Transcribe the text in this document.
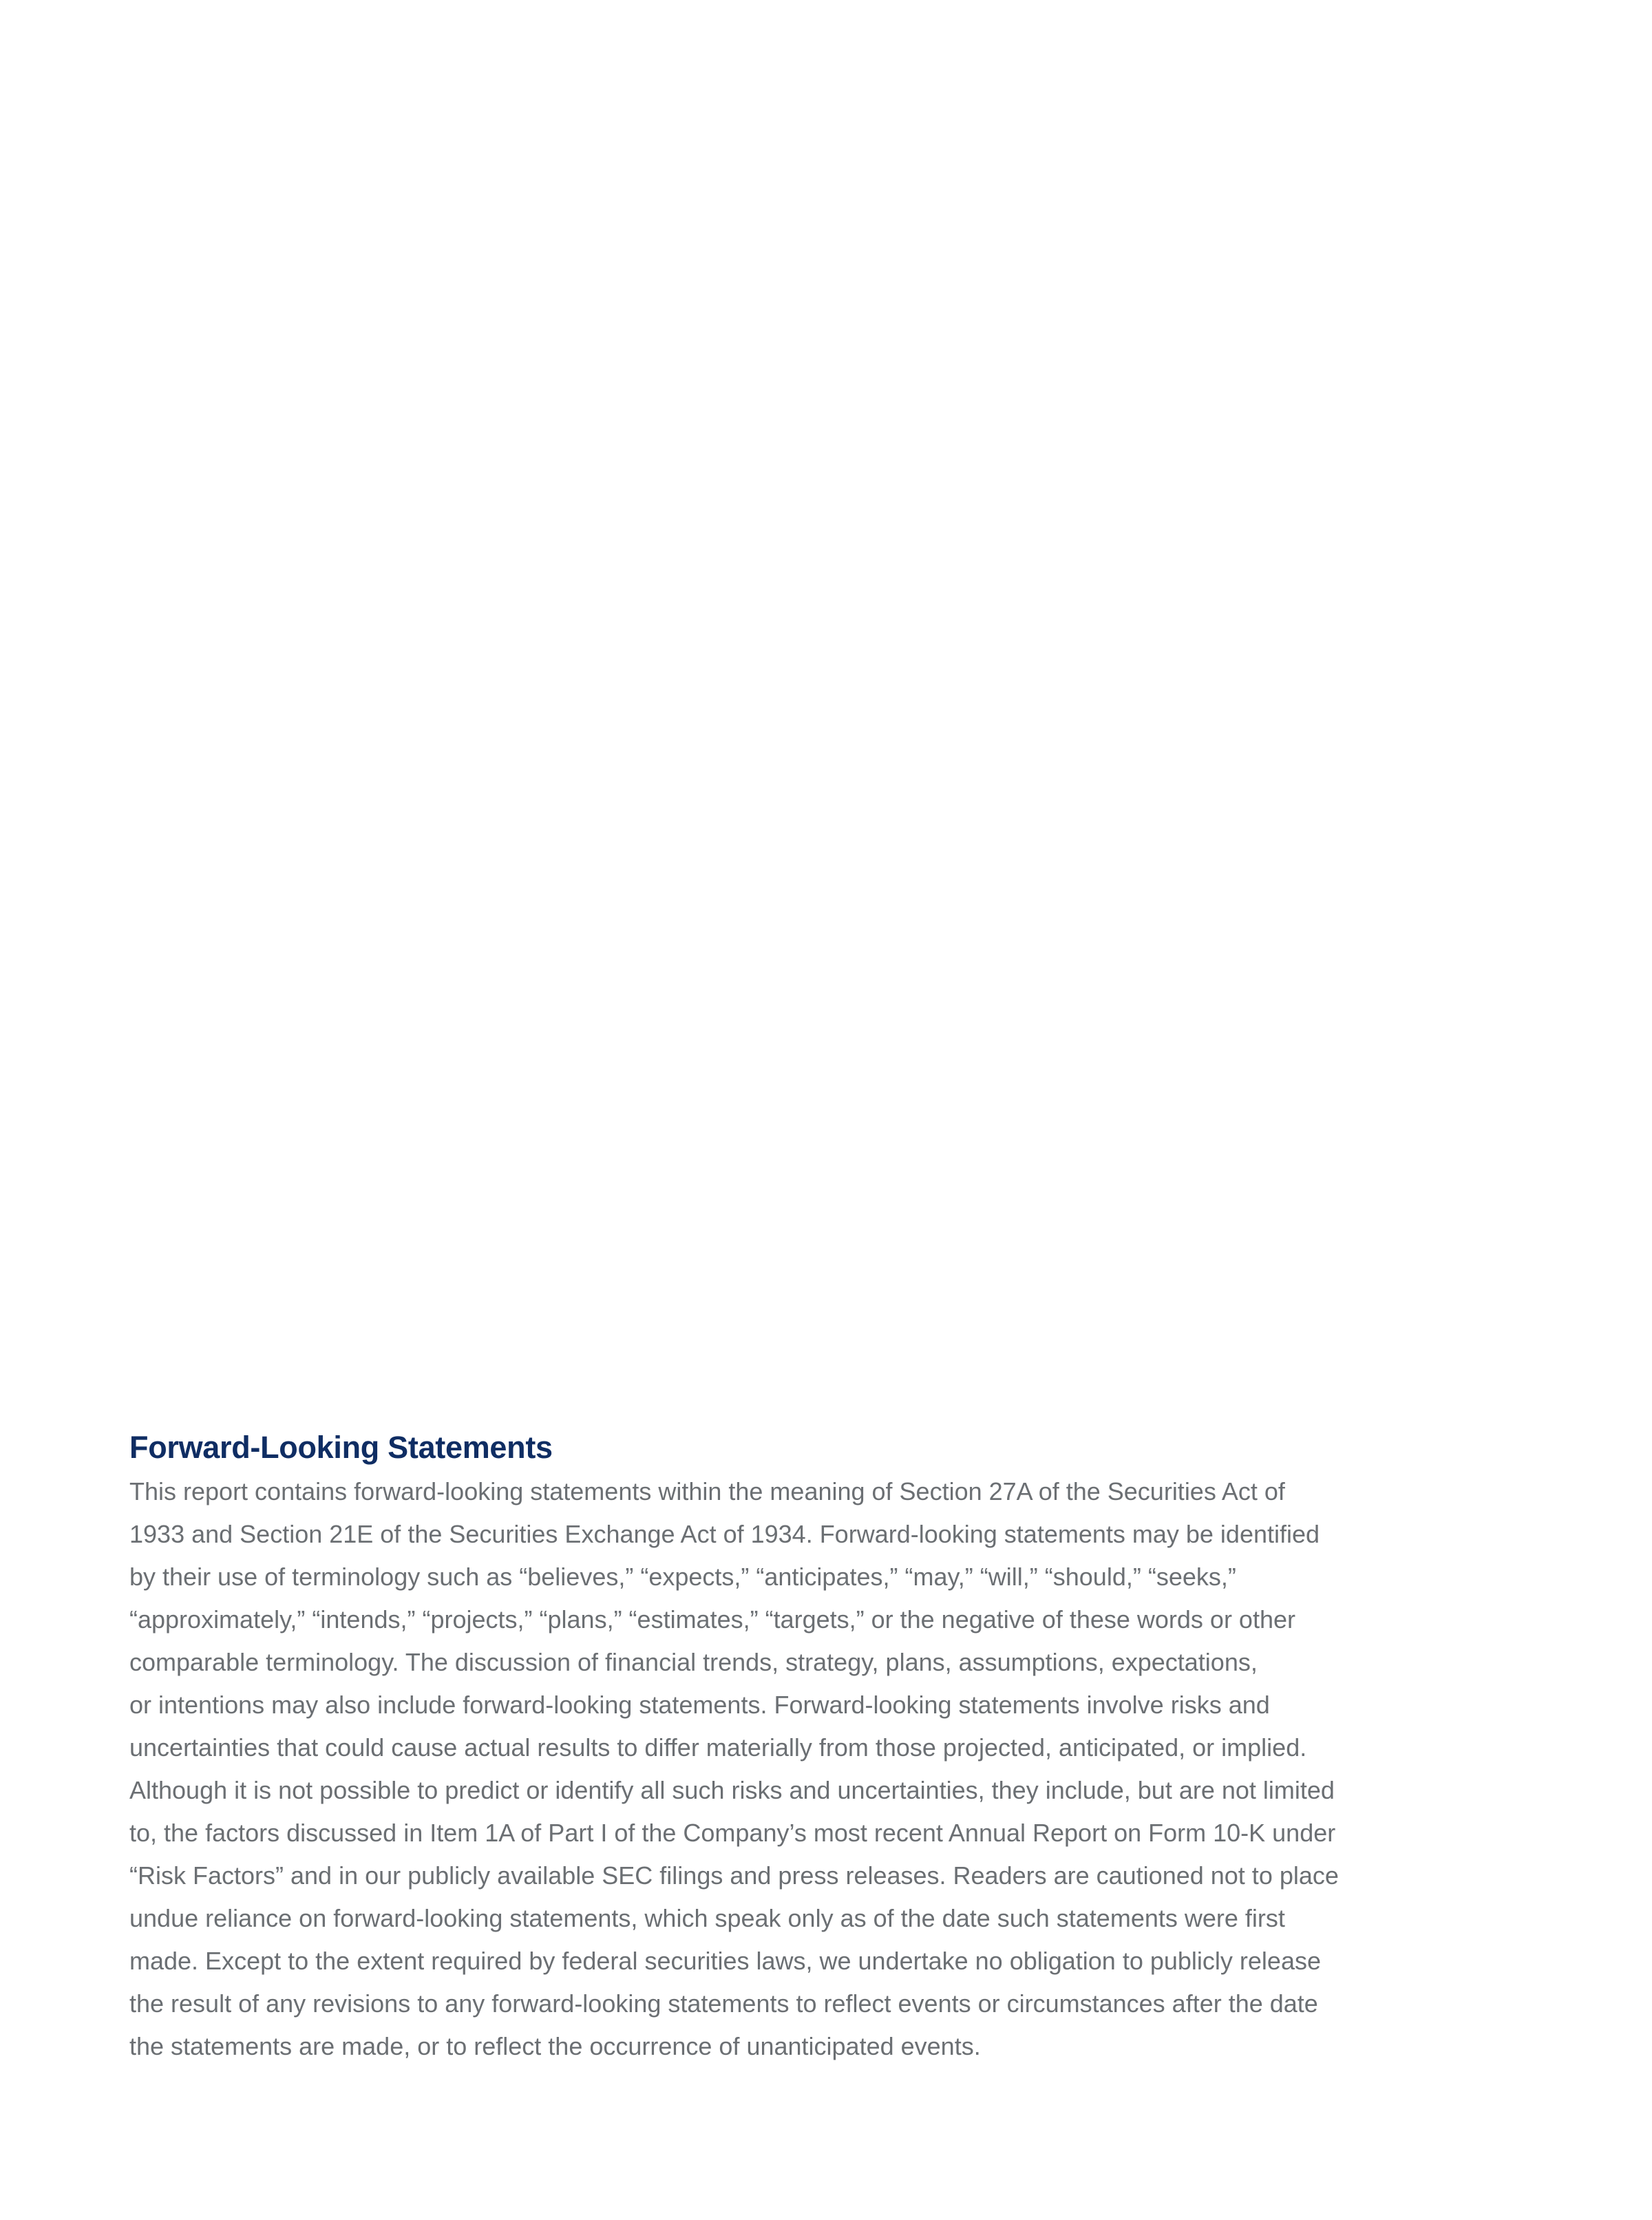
Forward-Looking Statements
This report contains forward-looking statements within the meaning of Section 27A of the Securities Act of
1933 and Section 21E of the Securities Exchange Act of 1934. Forward-looking statements may be identified
by their use of terminology such as “believes,” “expects,” “anticipates,” “may,” “will,” “should,” “seeks,”
“approximately,” “intends,” “projects,” “plans,” “estimates,” “targets,” or the negative of these words or other
comparable terminology. The discussion of financial trends, strategy, plans, assumptions, expectations,
or intentions may also include forward-looking statements. Forward-looking statements involve risks and
uncertainties that could cause actual results to differ materially from those projected, anticipated, or implied.
Although it is not possible to predict or identify all such risks and uncertainties, they include, but are not limited
to, the factors discussed in Item 1A of Part I of the Company’s most recent Annual Report on Form 10-K under
“Risk Factors” and in our publicly available SEC filings and press releases. Readers are cautioned not to place
undue reliance on forward-looking statements, which speak only as of the date such statements were first
made. Except to the extent required by federal securities laws, we undertake no obligation to publicly release
the result of any revisions to any forward-looking statements to reflect events or circumstances after the date
the statements are made, or to reflect the occurrence of unanticipated events.
